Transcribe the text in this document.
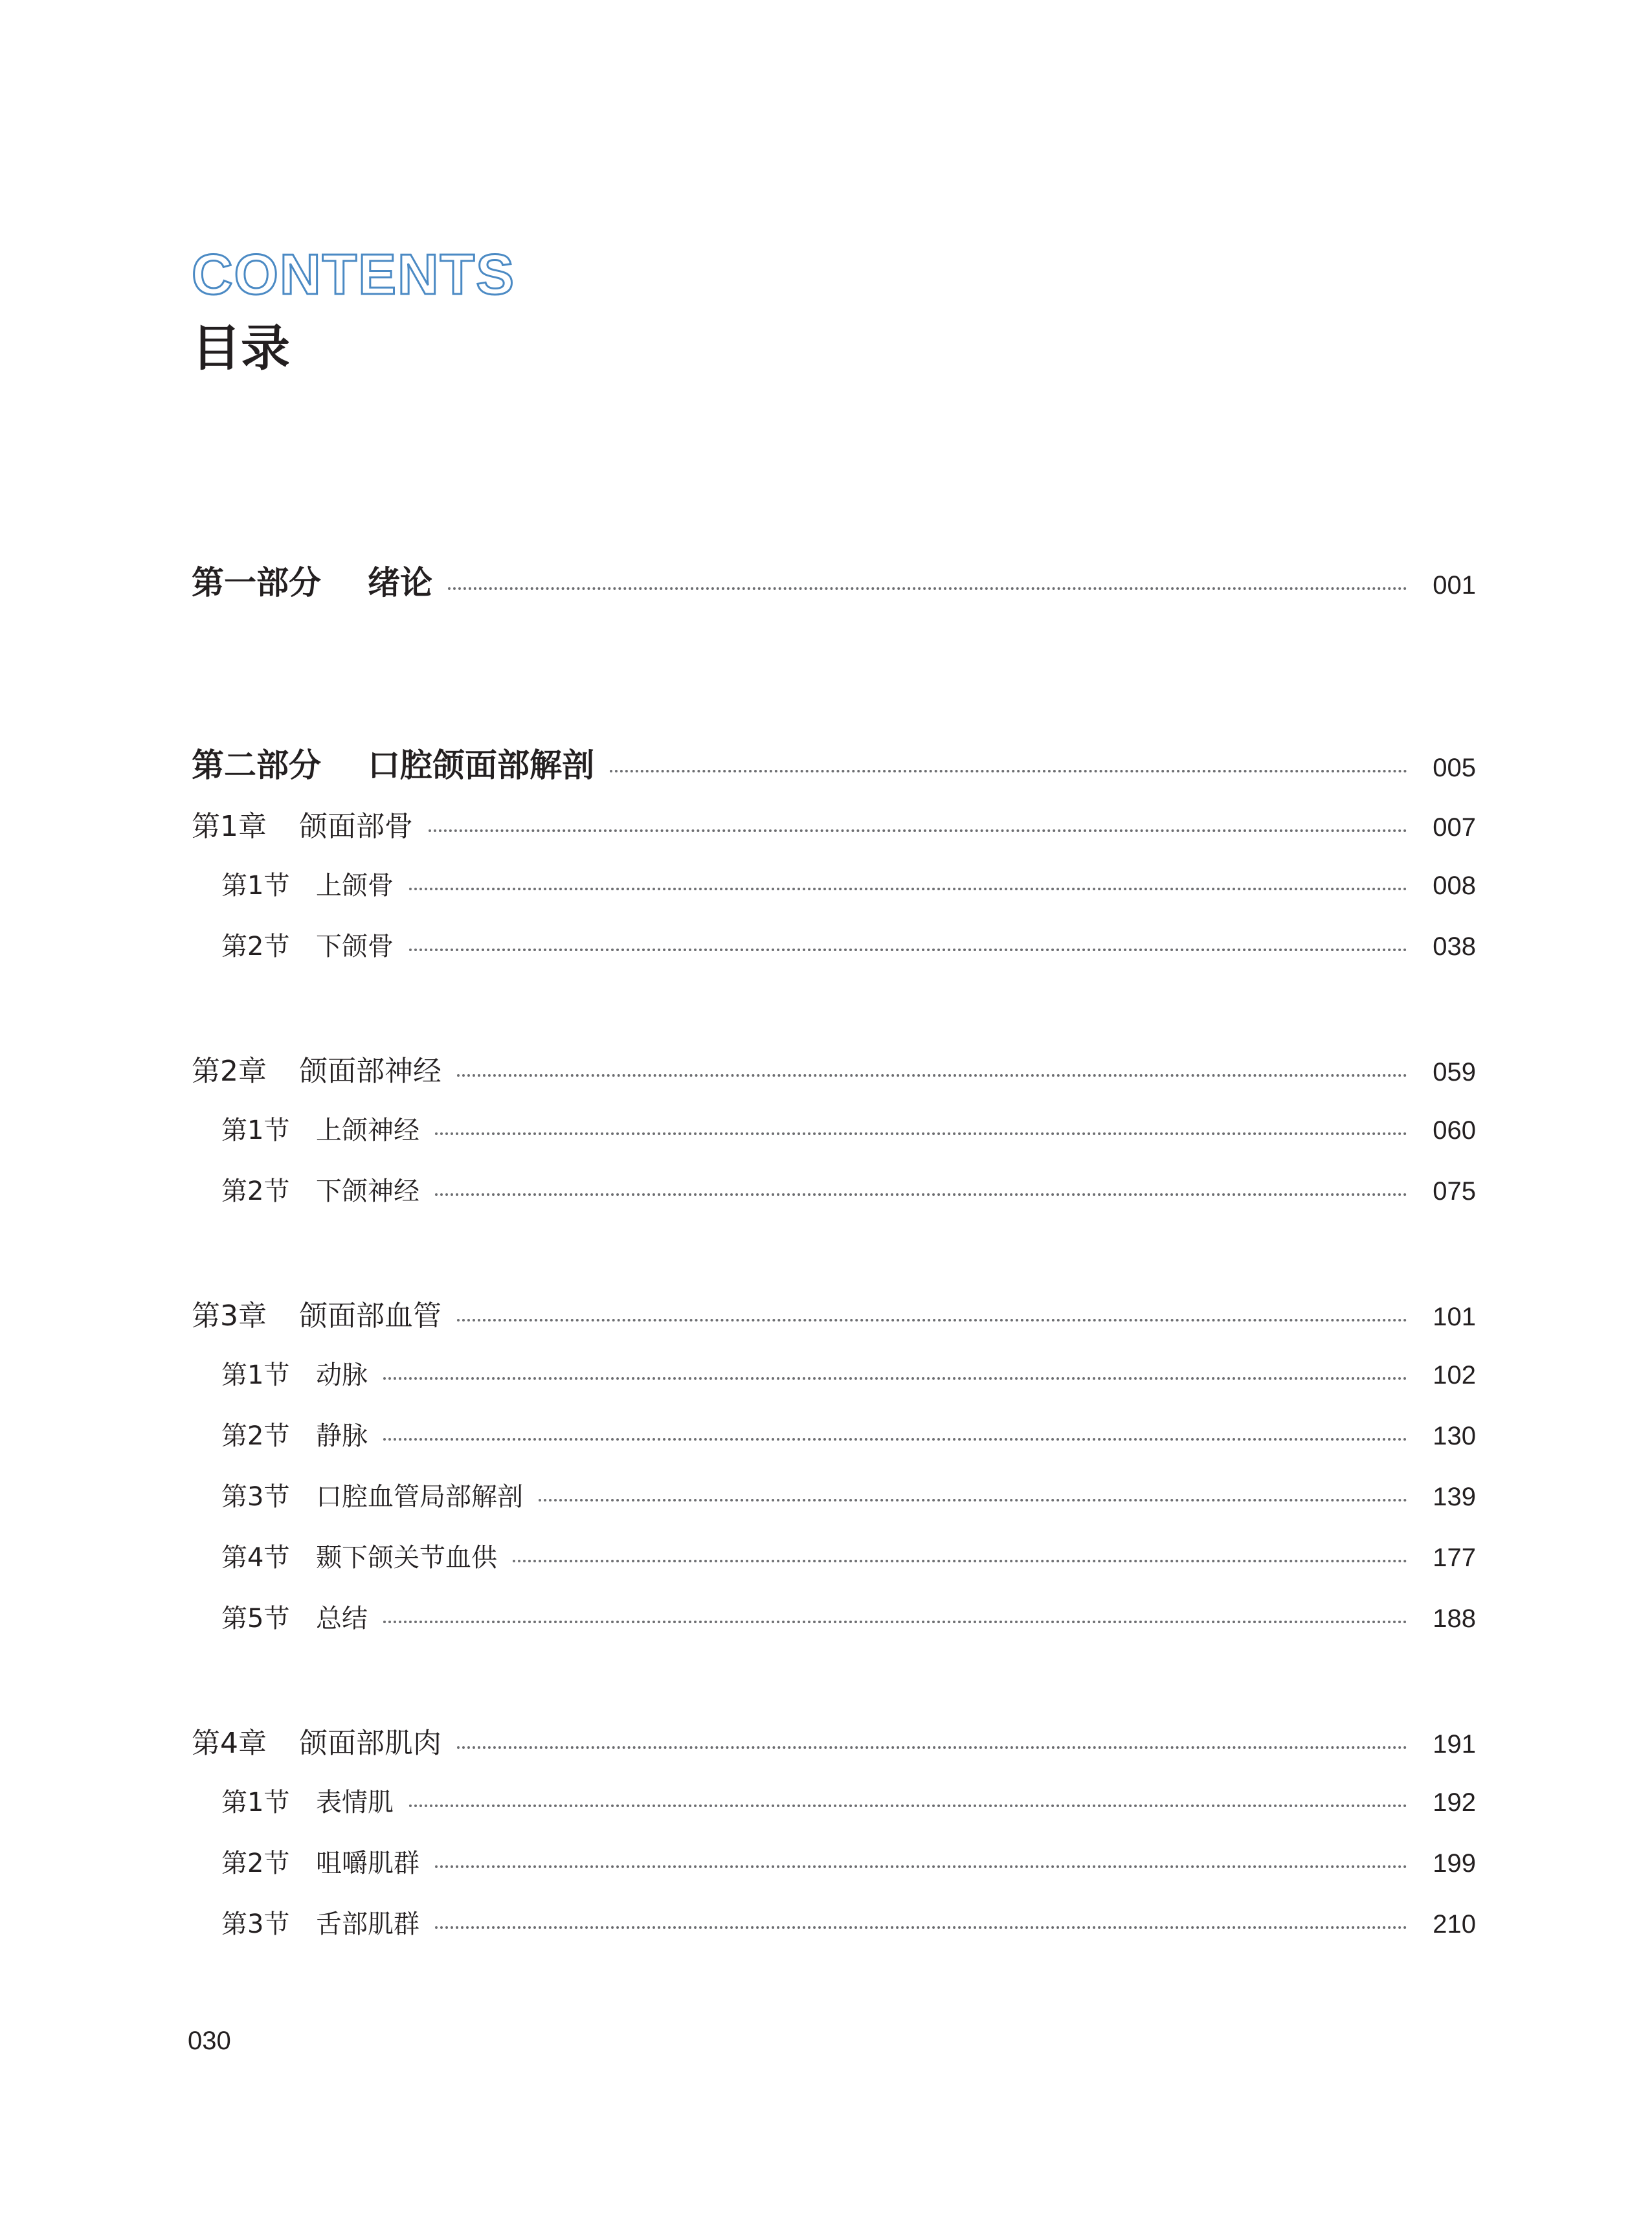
CONTENTS
目录
第一部分	绪论	001
第二部分	口腔颌面部解剖	005
第1章	颌面部骨	007
第1节	上颌骨	008
第2节	下颌骨	038
第2章	颌面部神经	059
第1节	上颌神经	060
第2节	下颌神经	075
第3章	颌面部血管	101
第1节	动脉	102
第2节	静脉	130
第3节	口腔血管局部解剖	139
第4节	颞下颌关节血供	177
第5节	总结	188
第4章	颌面部肌肉	191
第1节	表情肌	192
第2节	咀嚼肌群	199
第3节	舌部肌群	210
030
